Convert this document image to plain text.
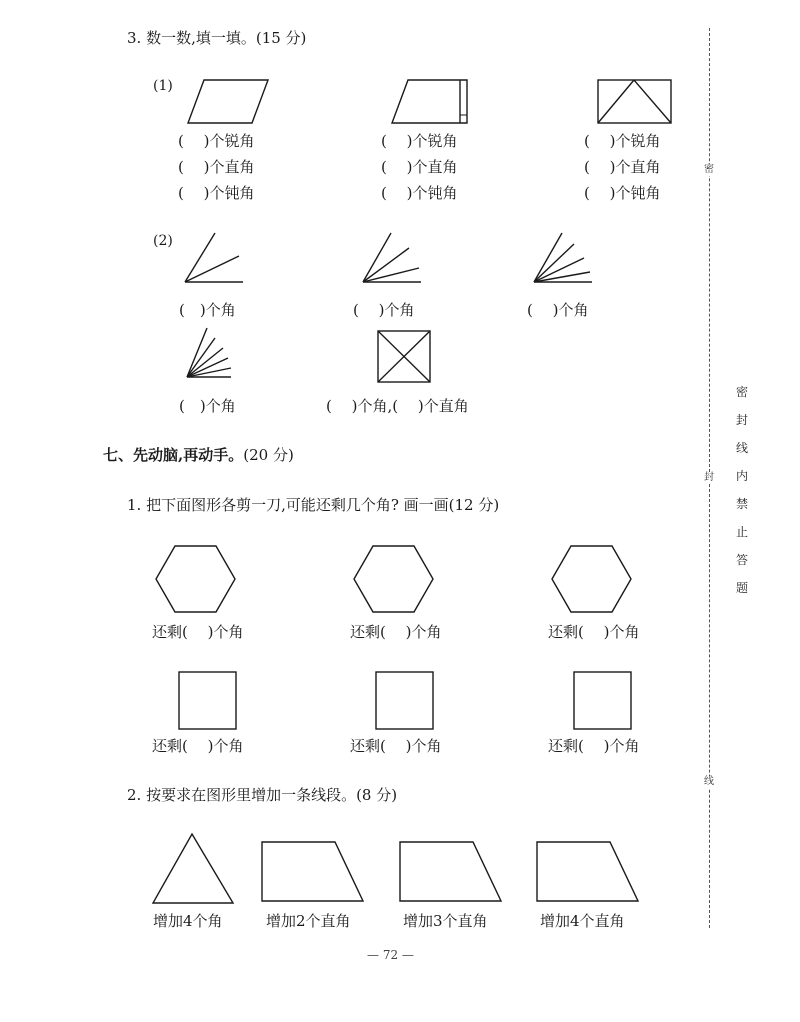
3. 数一数,填一填。(15 分)
(1)
(　 )个锐角
(　 )个直角
(　 )个钝角
(　 )个锐角
(　 )个直角
(　 )个钝角
(　 )个锐角
(　 )个直角
(　 )个钝角
(2)
(　)个角	(　 )个角	(　 )个角
(　)个角	(　 )个角,(　 )个直角
七、先动脑,再动手。(20 分)
1. 把下面图形各剪一刀,可能还剩几个角? 画一画(12 分)
还剩(　 )个角	还剩(　 )个角	还剩(　 )个角
还剩(　 )个角	还剩(　 )个角	还剩(　 )个角
2. 按要求在图形里增加一条线段。(8 分)
增加4个角	增加2个直角	增加3个直角	增加4个直角
密
封
线
密封线内禁止答题
— 72 —
